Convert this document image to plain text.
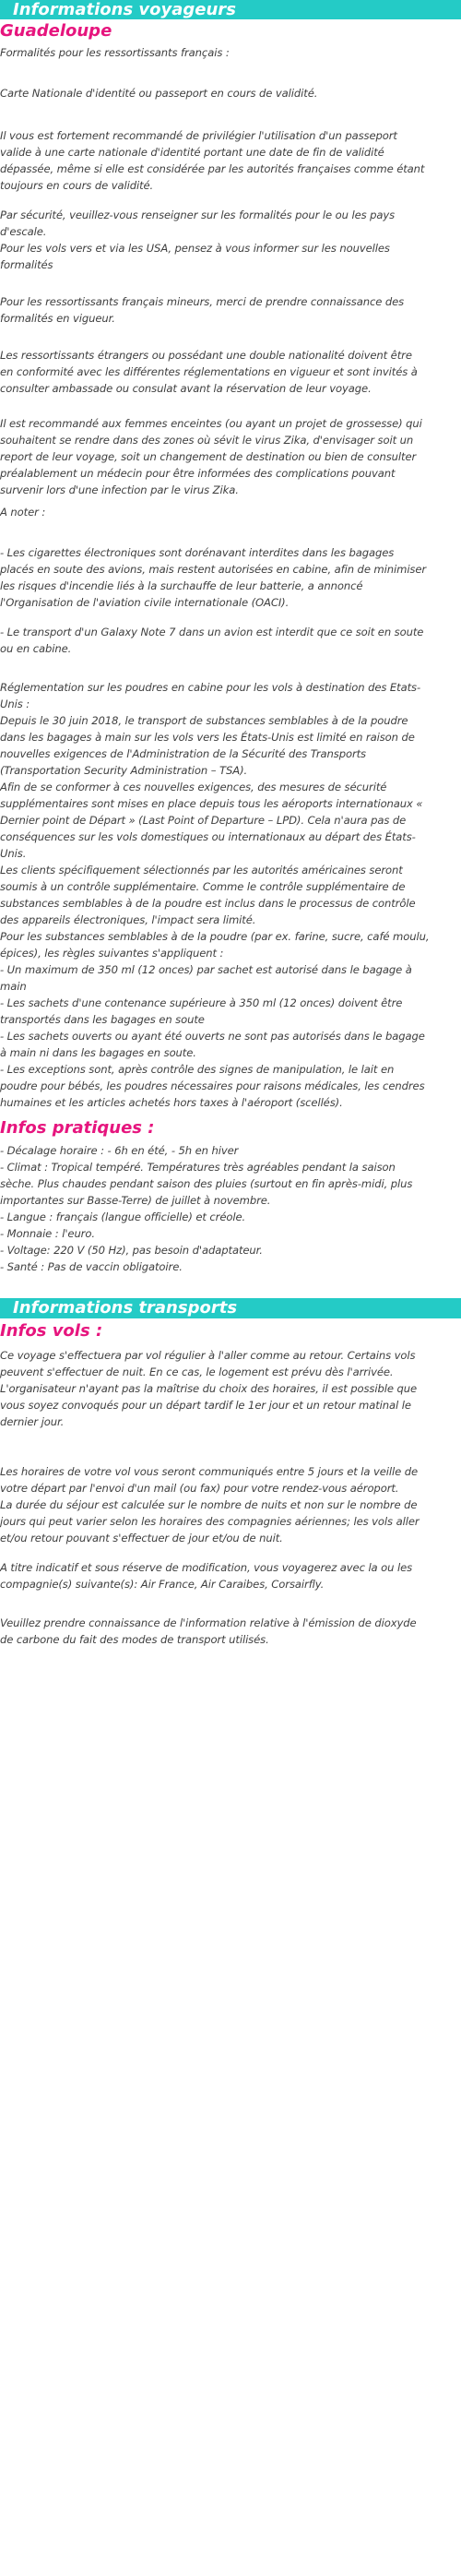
Informations voyageurs
Guadeloupe
Formalités pour les ressortissants français :
Carte Nationale d'identité ou passeport en cours de validité.
Il vous est fortement recommandé de privilégier l'utilisation d'un passeport
valide à une carte nationale d'identité portant une date de fin de validité
dépassée, même si elle est considérée par les autorités françaises comme étant
toujours en cours de validité.
Par sécurité, veuillez-vous renseigner sur les formalités pour le ou les pays
d'escale.
Pour les vols vers et via les USA, pensez à vous informer sur les nouvelles
formalités
Pour les ressortissants français mineurs, merci de prendre connaissance des
formalités en vigueur.
Les ressortissants étrangers ou possédant une double nationalité doivent être
en conformité avec les différentes réglementations en vigueur et sont invités à
consulter ambassade ou consulat avant la réservation de leur voyage.
Il est recommandé aux femmes enceintes (ou ayant un projet de grossesse) qui
souhaitent se rendre dans des zones où sévit le virus Zika, d'envisager soit un
report de leur voyage, soit un changement de destination ou bien de consulter
préalablement un médecin pour être informées des complications pouvant
survenir lors d'une infection par le virus Zika.
A noter :
- Les cigarettes électroniques sont dorénavant interdites dans les bagages
placés en soute des avions, mais restent autorisées en cabine, afin de minimiser
les risques d'incendie liés à la surchauffe de leur batterie, a annoncé
l'Organisation de l'aviation civile internationale (OACI).
- Le transport d'un Galaxy Note 7 dans un avion est interdit que ce soit en soute
ou en cabine.
Réglementation sur les poudres en cabine pour les vols à destination des Etats-
Unis :
Depuis le 30 juin 2018, le transport de substances semblables à de la poudre
dans les bagages à main sur les vols vers les États-Unis est limité en raison de
nouvelles exigences de l'Administration de la Sécurité des Transports
(Transportation Security Administration – TSA).
Afin de se conformer à ces nouvelles exigences, des mesures de sécurité
supplémentaires sont mises en place depuis tous les aéroports internationaux «
Dernier point de Départ » (Last Point of Departure – LPD). Cela n'aura pas de
conséquences sur les vols domestiques ou internationaux au départ des États-
Unis.
Les clients spécifiquement sélectionnés par les autorités américaines seront
soumis à un contrôle supplémentaire. Comme le contrôle supplémentaire de
substances semblables à de la poudre est inclus dans le processus de contrôle
des appareils électroniques, l'impact sera limité.
Pour les substances semblables à de la poudre (par ex. farine, sucre, café moulu,
épices), les règles suivantes s'appliquent :
- Un maximum de 350 ml (12 onces) par sachet est autorisé dans le bagage à
main
- Les sachets d'une contenance supérieure à 350 ml (12 onces) doivent être
transportés dans les bagages en soute
- Les sachets ouverts ou ayant été ouverts ne sont pas autorisés dans le bagage
à main ni dans les bagages en soute.
- Les exceptions sont, après contrôle des signes de manipulation, le lait en
poudre pour bébés, les poudres nécessaires pour raisons médicales, les cendres
humaines et les articles achetés hors taxes à l'aéroport (scellés).
Infos pratiques :
- Décalage horaire : - 6h en été, - 5h en hiver
- Climat : Tropical tempéré. Températures très agréables pendant la saison
sèche. Plus chaudes pendant saison des pluies (surtout en fin après-midi, plus
importantes sur Basse-Terre) de juillet à novembre.
- Langue : français (langue officielle) et créole.
- Monnaie : l'euro.
- Voltage: 220 V (50 Hz), pas besoin d'adaptateur.
- Santé : Pas de vaccin obligatoire.
Informations transports
Infos vols :
Ce voyage s'effectuera par vol régulier à l'aller comme au retour. Certains vols
peuvent s'effectuer de nuit. En ce cas, le logement est prévu dès l'arrivée.
L'organisateur n'ayant pas la maîtrise du choix des horaires, il est possible que
vous soyez convoqués pour un départ tardif le 1er jour et un retour matinal le
dernier jour.
Les horaires de votre vol vous seront communiqués entre 5 jours et la veille de
votre départ par l'envoi d'un mail (ou fax) pour votre rendez-vous aéroport.
La durée du séjour est calculée sur le nombre de nuits et non sur le nombre de
jours qui peut varier selon les horaires des compagnies aériennes; les vols aller
et/ou retour pouvant s'effectuer de jour et/ou de nuit.
A titre indicatif et sous réserve de modification, vous voyagerez avec la ou les
compagnie(s) suivante(s): Air France, Air Caraibes, Corsairfly.
Veuillez prendre connaissance de l'information relative à l'émission de dioxyde
de carbone du fait des modes de transport utilisés.
